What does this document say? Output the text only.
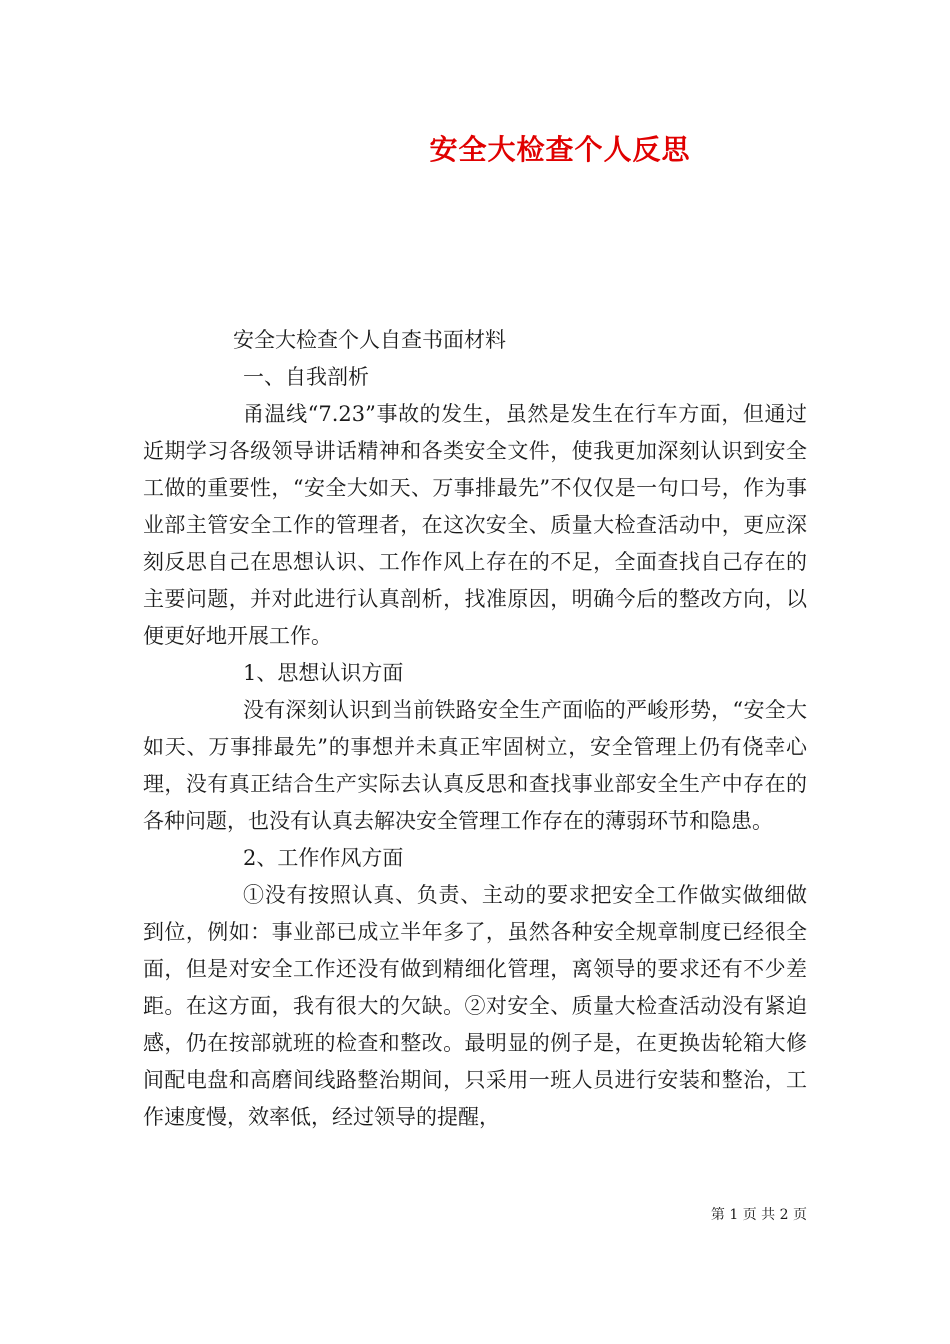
安全大检查个人反思

安全大检查个人自查书面材料

一、自我剖析

甬温线“7.23”事故的发生，虽然是发生在行车方面，但通过近期学习各级领导讲话精神和各类安全文件，使我更加深刻认识到安全工做的重要性，“安全大如天、万事排最先”不仅仅是一句口号，作为事业部主管安全工作的管理者，在这次安全、质量大检查活动中，更应深刻反思自己在思想认识、工作作风上存在的不足，全面查找自己存在的主要问题，并对此进行认真剖析，找准原因，明确今后的整改方向，以便更好地开展工作。

1、思想认识方面

没有深刻认识到当前铁路安全生产面临的严峻形势，“安全大如天、万事排最先”的事想并未真正牢固树立，安全管理上仍有侥幸心理，没有真正结合生产实际去认真反思和查找事业部安全生产中存在的各种问题，也没有认真去解决安全管理工作存在的薄弱环节和隐患。

2、工作作风方面

①没有按照认真、负责、主动的要求把安全工作做实做细做到位，例如：事业部已成立半年多了，虽然各种安全规章制度已经很全面，但是对安全工作还没有做到精细化管理，离领导的要求还有不少差距。在这方面，我有很大的欠缺。②对安全、质量大检查活动没有紧迫感，仍在按部就班的检查和整改。最明显的例子是，在更换齿轮箱大修间配电盘和高磨间线路整治期间，只采用一班人员进行安装和整治，工作速度慢，效率低，经过领导的提醒，

第 1 页 共 2 页
